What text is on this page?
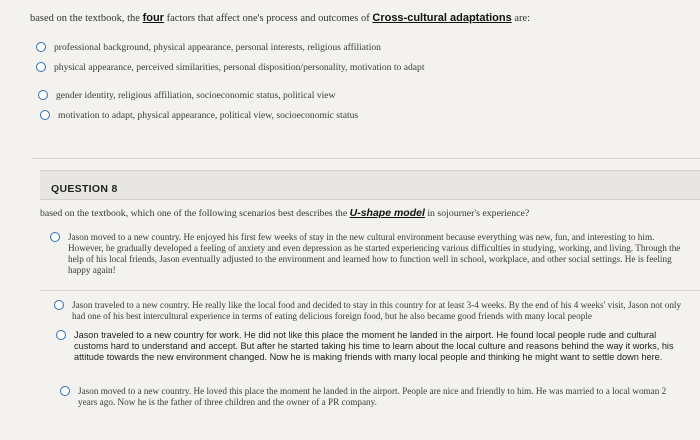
based on the textbook, the four factors that affect one's process and outcomes of Cross-cultural adaptations are:
professional background, physical appearance, personal interests, religious affiliation
physical appearance, perceived similarities, personal disposition/personality, motivation to adapt
gender identity, religious affiliation, socioeconomic status, political view
motivation to adapt, physical appearance, political view, socioeconomic status
QUESTION 8
based on the textbook, which one of the following scenarios best describes the U-shape model in sojourner's experience?
Jason moved to a new country. He enjoyed his first few weeks of stay in the new cultural environment because everything was new, fun, and interesting to him. However, he gradually developed a feeling of anxiety and even depression as he started experiencing various difficulties in studying, working, and living. Through the help of his local friends, Jason eventually adjusted to the environment and learned how to function well in school, workplace, and other social settings. He is feeling happy again!
Jason traveled to a new country. He really like the local food and decided to stay in this country for at least 3-4 weeks. By the end of his 4 weeks' visit, Jason not only had one of his best intercultural experience in terms of eating delicious foreign food, but he also became good friends with many local people
Jason traveled to a new country for work. He did not like this place the moment he landed in the airport. He found local people rude and cultural customs hard to understand and accept. But after he started taking his time to learn about the local culture and reasons behind the way it works, his attitude towards the new environment changed. Now he is making friends with many local people and thinking he might want to settle down here.
Jason moved to a new country. He loved this place the moment he landed in the airport. People are nice and friendly to him. He was married to a local woman 2 years ago. Now he is the father of three children and the owner of a PR company.
